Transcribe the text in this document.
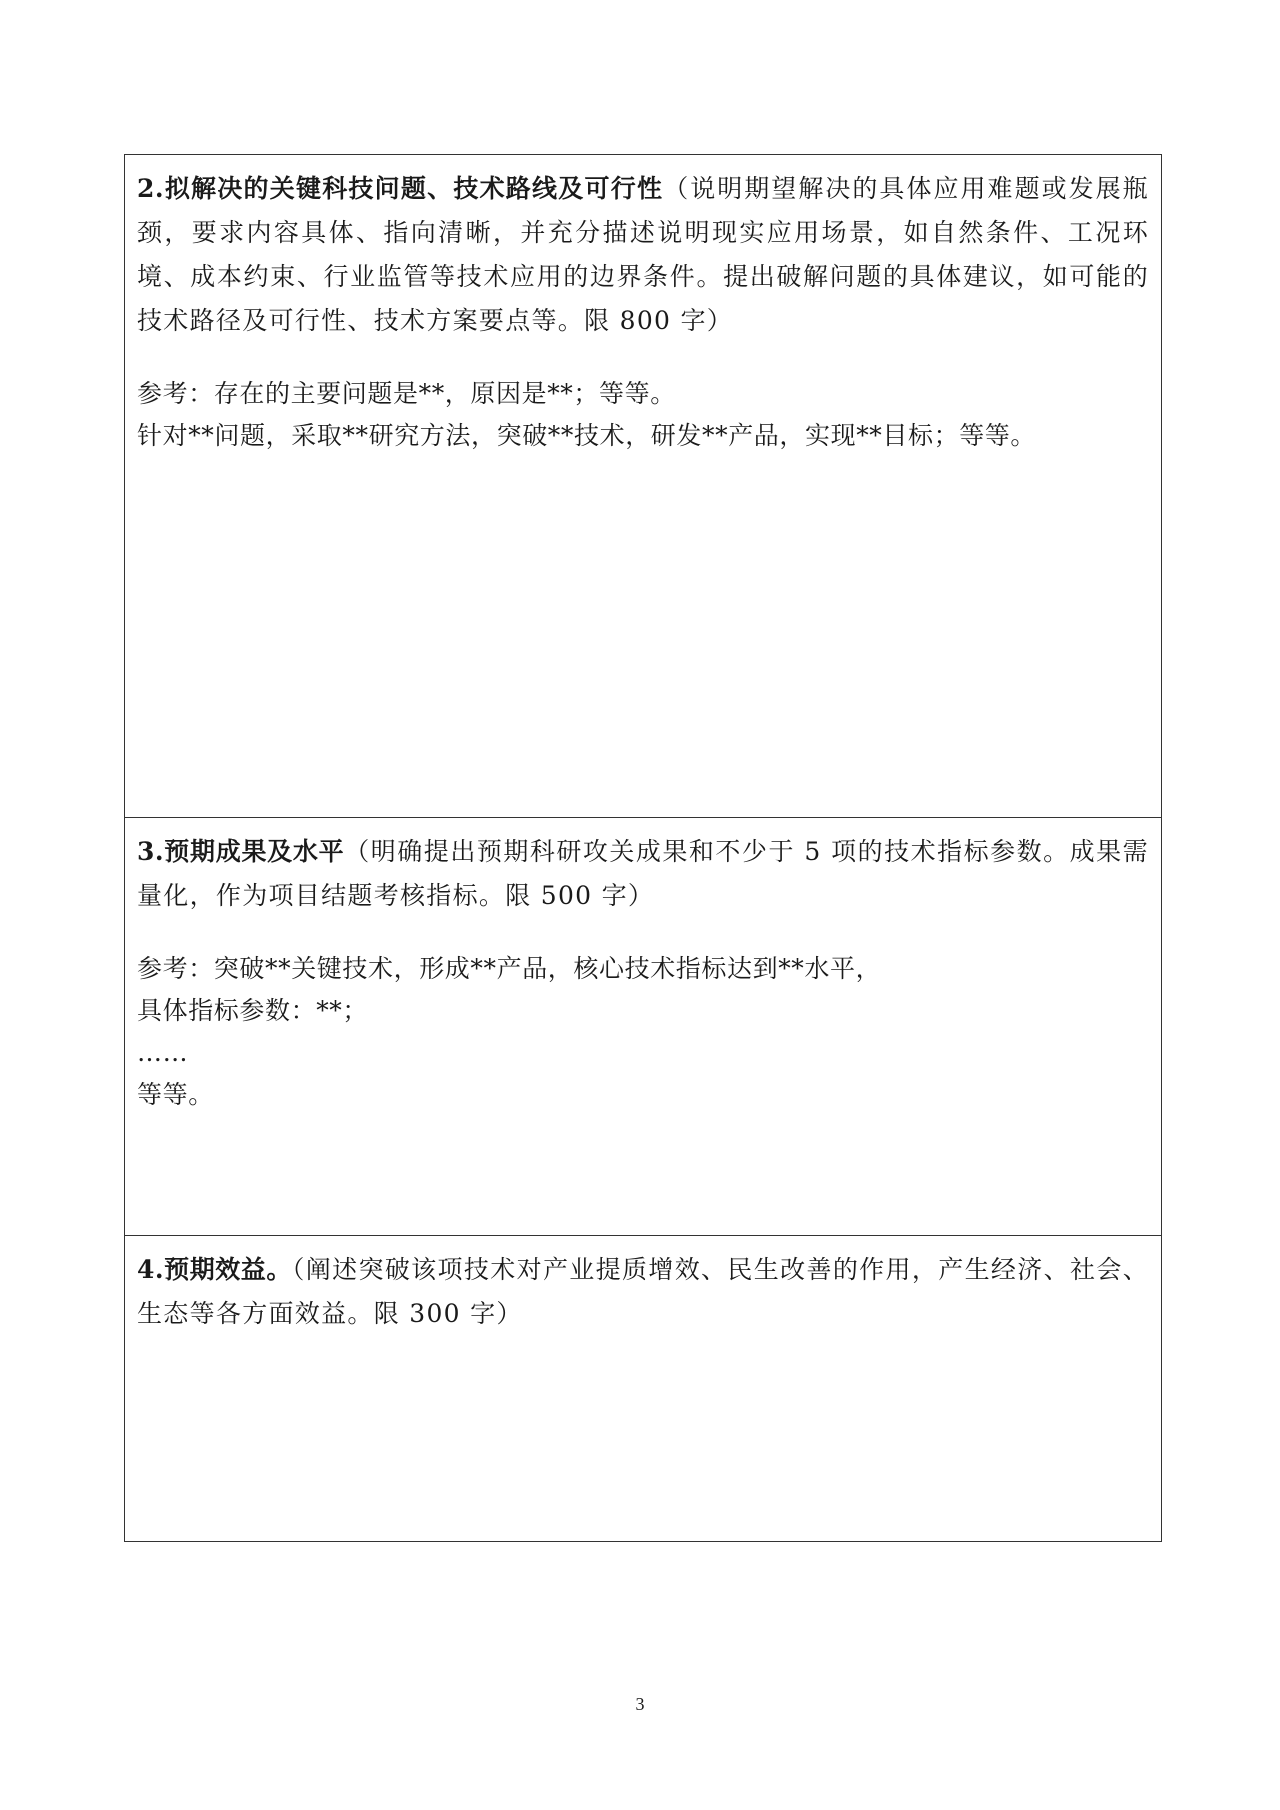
2.拟解决的关键科技问题、技术路线及可行性（说明期望解决的具体应用难题或发展瓶颈，要求内容具体、指向清晰，并充分描述说明现实应用场景，如自然条件、工况环境、成本约束、行业监管等技术应用的边界条件。提出破解问题的具体建议，如可能的技术路径及可行性、技术方案要点等。限 800 字）

参考：存在的主要问题是**，原因是**；等等。

针对**问题，采取**研究方法，突破**技术，研发**产品，实现**目标；等等。

3.预期成果及水平（明确提出预期科研攻关成果和不少于 5 项的技术指标参数。成果需量化，作为项目结题考核指标。限 500 字）

参考：突破**关键技术，形成**产品，核心技术指标达到**水平，

具体指标参数：**；

……

等等。

4.预期效益。（阐述突破该项技术对产业提质增效、民生改善的作用，产生经济、社会、生态等各方面效益。限 300 字）

3
